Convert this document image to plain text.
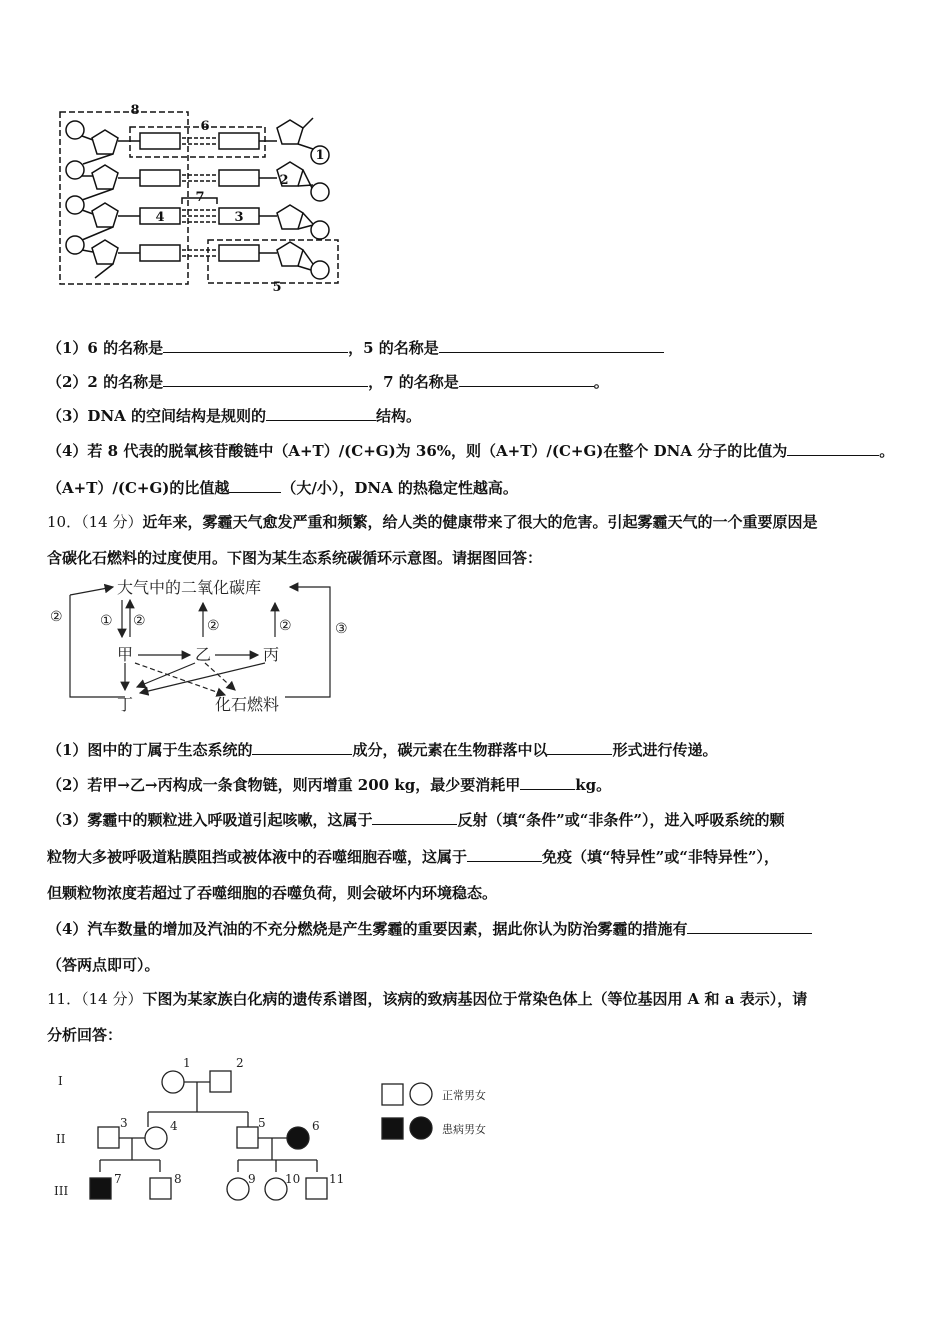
8
6
7
4	3
2
1
5
（1）6 的名称是	，5 的名称是
（2）2 的名称是	，7 的名称是	。
（3）DNA 的空间结构是规则的	结构。
（4）若 8 代表的脱氧核苷酸链中（A+T）/(C+G)为 36%，则（A+T）/(C+G)在整个 DNA 分子的比值为	。
（A+T）/(C+G)的比值越	（大/小），DNA 的热稳定性越高。
10．（14 分）近年来，雾霾天气愈发严重和频繁，给人类的健康带来了很大的危害。引起雾霾天气的一个重要原因是
含碳化石燃料的过度使用。下图为某生态系统碳循环示意图。请据图回答：
大气中的二氧化碳库
甲	乙	丙
丁	化石燃料
②	① ②	②	②	③
（1）图中的丁属于生态系统的	成分，碳元素在生物群落中以	形式进行传递。
（2）若甲→乙→丙构成一条食物链，则丙增重 200 kg，最少要消耗甲	kg。
（3）雾霾中的颗粒进入呼吸道引起咳嗽，这属于	反射（填“条件”或“非条件”），进入呼吸系统的颗
粒物大多被呼吸道粘膜阻挡或被体液中的吞噬细胞吞噬，这属于	免疫（填“特异性”或“非特异性”），
但颗粒物浓度若超过了吞噬细胞的吞噬负荷，则会破坏内环境稳态。
（4）汽车数量的增加及汽油的不充分燃烧是产生雾霾的重要因素，据此你认为防治雾霾的措施有
（答两点即可）。
11．（14 分）下图为某家族白化病的遗传系谱图，该病的致病基因位于常染色体上（等位基因用 A 和 a 表示），请
分析回答：
I
II
III
1	2
3	4	5	6
7	8	9 10 11
正常男女
患病男女
